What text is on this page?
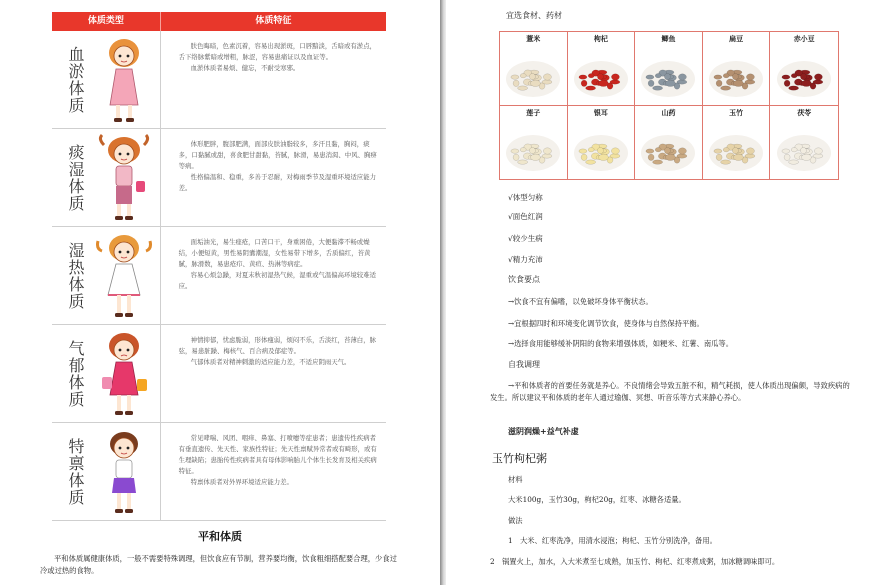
体质类型	体质特征
血淤体质	肤色晦暗，色素沉着，容易出现淤斑，口唇黯淡，舌暗或有淤点，舌下络脉紫暗或增粗，脉涩，容易患痛证以及血证等。

血淤体质者易烦、健忘，不耐受寒邪。

痰湿体质	体形肥胖，腹部肥满，面部皮肤油脂较多，多汗且黏，胸闷，痰多，口黏腻或甜，喜食肥甘甜黏，苔腻，脉滑，易患消渴、中风、胸痹等病。

性格偏温和、稳重，多善于忍耐，对梅雨季节及湿重环境适应能力差。

湿热体质	面垢油光，易生痤疮，口苦口干，身重困倦，大便黏滞不畅或燥结，小便短黄，男性易阴囊潮湿，女性易带下增多，舌质偏红，苔黄腻，脉滑数，易患疮疖、黄疸、热淋等病症。

容易心烦急躁，对夏末秋初湿热气候，湿重或气温偏高环境较难适应。

气郁体质	神情抑郁，忧虑脆弱，形体瘦弱，烦闷不乐，舌淡红，苔薄白，脉弦，易患脏躁、梅核气、百合病及郁症等。

气郁体质者对精神刺激的适应能力差，不适应阴雨天气。

特禀体质	常见哮喘、风团、咽痒、鼻塞、打喷嚏等症患者；患遗传性疾病者有垂直遗传、先天性、家族性特征；先天性禀赋异常者或有畸形，或有生理缺陷；患胎传性疾病者具有母体影响胎儿个体生长发育及相关疾病特征。

特禀体质者对外界环境适应能力差。

平和体质
平和体质属健康体质，一般不需要特殊调理，但饮食应有节制，营养要均衡，饮食粗细搭配要合理，少食过冷或过热的食物。
宜选食材、药材
薏米	枸杞	鲫鱼	扁豆	赤小豆
莲子	银耳	山药	玉竹	茯苓
√体型匀称
√面色红润
√较少生病
√精力充沛
饮食要点
→饮食不宜有偏嗜，以免破坏身体平衡状态。
→宜根据四时和环境变化调节饮食，使身体与自然保持平衡。
→选择食用能够缓补阴阳的食物来增强体质，如粳米、红薯、南瓜等。
自我调理
→平和体质者的首要任务就是养心。不良情绪会导致五脏不和，精气耗损，使人体质出现偏颇，导致疾病的发生。所以建议平和体质的老年人通过瑜伽、冥想、听音乐等方式来静心养心。
滋阴润燥+益气补虚
玉竹枸杞粥
材料
大米100g，玉竹30g，枸杞20g，红枣、冰糖各适量。
做法
1　大米、红枣洗净，用清水浸泡；枸杞、玉竹分别洗净，备用。
2　锅置火上，加水，入大米煮至七成熟，加玉竹、枸杞、红枣煮成粥，加冰糖调味即可。
